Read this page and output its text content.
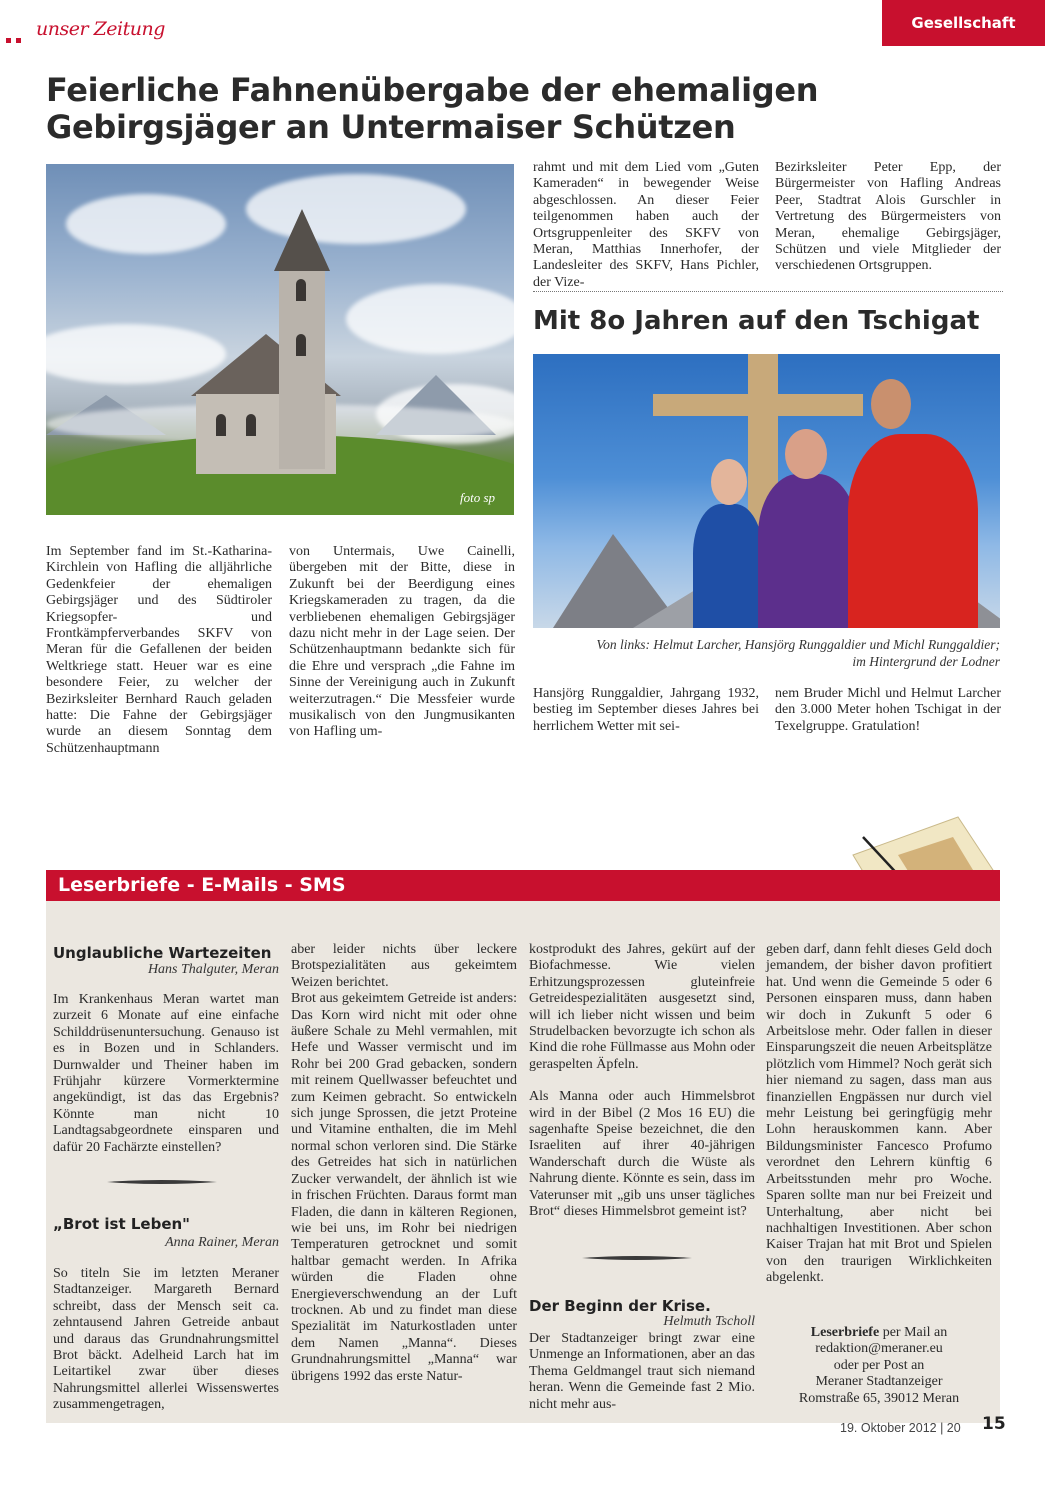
unser Zeitung	Gesellschaft
Feierliche Fahnenübergabe der ehemaligen Gebirgsjäger an Untermaiser Schützen
foto sp
Im September fand im St.-Katharina-Kirchlein von Hafling die alljährliche Gedenkfeier der ehemaligen Gebirgsjäger und des Südtiroler Kriegsopfer- und Frontkämpferverbandes SKFV von Meran für die Gefallenen der beiden Weltkriege statt. Heuer war es eine besondere Feier, zu welcher der Bezirksleiter Bernhard Rauch geladen hatte: Die Fahne der Gebirgsjäger wurde an diesem Sonntag dem Schützenhauptmann
von Untermais, Uwe Cainelli, übergeben mit der Bitte, diese in Zukunft bei der Beerdigung eines Kriegskameraden zu tragen, da die verbliebenen ehemaligen Gebirgsjäger dazu nicht mehr in der Lage seien. Der Schützenhauptmann bedankte sich für die Ehre und versprach „die Fahne im Sinne der Vereinigung auch in Zukunft weiterzutragen.“ Die Messfeier wurde musikalisch von den Jungmusikanten von Hafling um-
rahmt und mit dem Lied vom „Guten Kameraden“ in bewegender Weise abgeschlossen. An dieser Feier teilgenommen haben auch der Ortsgruppenleiter des SKFV von Meran, Matthias Innerhofer, der Landesleiter des SKFV, Hans Pichler, der Vize-
Bezirksleiter Peter Epp, der Bürgermeister von Hafling Andreas Peer, Stadtrat Alois Gurschler in Vertretung des Bürgermeisters von Meran, ehemalige Gebirgsjäger, Schützen und viele Mitglieder der verschiedenen Ortsgruppen.
Mit 8o Jahren auf den Tschigat
Von links: Helmut Larcher, Hansjörg Runggaldier und Michl Runggaldier;
im Hintergrund der Lodner
Hansjörg Runggaldier, Jahrgang 1932, bestieg im September dieses Jahres bei herrlichem Wetter mit sei-
nem Bruder Michl und Helmut Larcher den 3.000 Meter hohen Tschigat in der Texelgruppe. Gratulation!
Leserbriefe - E-Mails - SMS
Unglaubliche Wartezeiten
Hans Thalguter, Meran
Im Krankenhaus Meran wartet man zurzeit 6 Monate auf eine einfache Schilddrüsenuntersuchung. Genauso ist es in Bozen und in Schlanders. Durnwalder und Theiner haben im Frühjahr kürzere Vormerktermine angekündigt, ist das das Ergebnis? Könnte man nicht 10 Landtagsabgeordnete einsparen und dafür 20 Fachärzte einstellen?
„Brot ist Leben"
Anna Rainer, Meran
So titeln Sie im letzten Meraner Stadtanzeiger. Margareth Bernard schreibt, dass der Mensch seit ca. zehntausend Jahren Getreide anbaut und daraus das Grundnahrungsmittel Brot bäckt. Adelheid Larch hat im Leitartikel zwar über dieses Nahrungsmittel allerlei Wissenswertes zusammengetragen,

aber leider nichts über leckere Brotspezialitäten aus gekeimtem Weizen berichtet.

Brot aus gekeimtem Getreide ist anders: Das Korn wird nicht mit oder ohne äußere Schale zu Mehl vermahlen, mit Hefe und Wasser vermischt und im Rohr bei 200 Grad gebacken, sondern mit reinem Quellwasser befeuchtet und zum Keimen gebracht. So entwickeln sich junge Sprossen, die jetzt Proteine und Vitamine enthalten, die im Mehl normal schon verloren sind. Die Stärke des Getreides hat sich in natürlichen Zucker verwandelt, der ähnlich ist wie in frischen Früchten. Daraus formt man Fladen, die dann in kälteren Regionen, wie bei uns, im Rohr bei niedrigen Temperaturen getrocknet und somit haltbar gemacht werden. In Afrika würden die Fladen ohne Energieverschwendung an der Luft trocknen. Ab und zu findet man diese Spezialität im Naturkostladen unter dem Namen „Manna“. Dieses Grundnahrungsmittel „Manna“ war übrigens 1992 das erste Natur-

kostprodukt des Jahres, gekürt auf der Biofachmesse. Wie vielen Erhitzungsprozessen gluteinfreie Getreidespezialitäten ausgesetzt sind, will ich lieber nicht wissen und beim Strudelbacken bevorzugte ich schon als Kind die rohe Füllmasse aus Mohn oder geraspelten Äpfeln.

Als Manna oder auch Himmelsbrot wird in der Bibel (2 Mos 16 EU) die sagenhafte Speise bezeichnet, die den Israeliten auf ihrer 40-jährigen Wanderschaft durch die Wüste als Nahrung diente. Könnte es sein, dass im Vaterunser mit „gib uns unser tägliches Brot“ dieses Himmelsbrot gemeint ist?

Der Beginn der Krise.
Helmuth Tscholl
Der Stadtanzeiger bringt zwar eine Unmenge an Informationen, aber an das Thema Geldmangel traut sich niemand heran. Wenn die Gemeinde fast 2 Mio. nicht mehr aus-
geben darf, dann fehlt dieses Geld doch jemandem, der bisher davon profitiert hat. Und wenn die Gemeinde 5 oder 6 Personen einsparen muss, dann haben wir doch in Zukunft 5 oder 6 Arbeitslose mehr. Oder fallen in dieser Einsparungszeit die neuen Arbeitsplätze plötzlich vom Himmel? Noch gerät sich hier niemand zu sagen, dass man aus finanziellen Engpässen nur durch viel mehr Leistung bei geringfügig mehr Lohn herauskommen kann. Aber Bildungsminister Fancesco Profumo verordnet den Lehrern künftig 6 Arbeitsstunden mehr pro Woche. Sparen sollte man nur bei Freizeit und Unterhaltung, aber nicht bei nachhaltigen Investitionen. Aber schon Kaiser Trajan hat mit Brot und Spielen von den traurigen Wirklichkeiten abgelenkt.
Leserbriefe per Mail an
redaktion@meraner.eu
oder per Post an
Meraner Stadtanzeiger
Romstraße 65, 39012 Meran
19. Oktober 2012 | 20 15
